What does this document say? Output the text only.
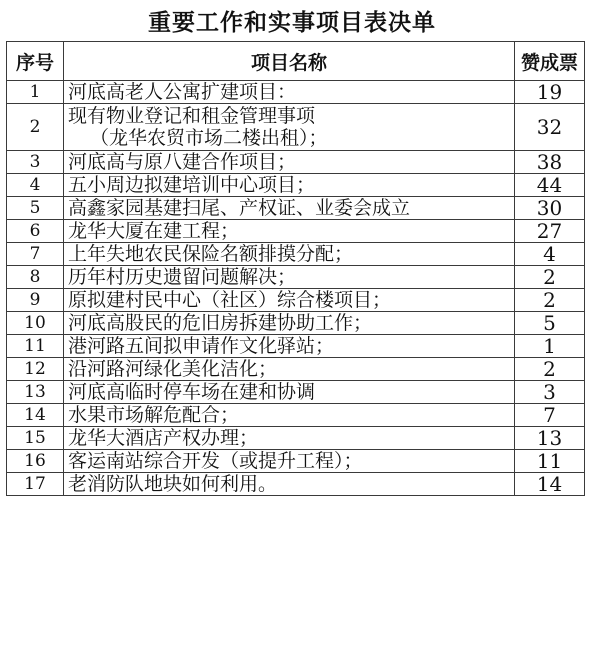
重要工作和实事项目表决单
序号	项目名称	赞成票
1	河底高老人公寓扩建项目：	19
2	现有物业登记和租金管理事项
（龙华农贸市场二楼出租）；	32
3	河底高与原八建合作项目；	38
4	五小周边拟建培训中心项目；	44
5	高鑫家园基建扫尾、产权证、业委会成立	30
6	龙华大厦在建工程；	27
7	上年失地农民保险名额排摸分配；	4
8	历年村历史遗留问题解决；	2
9	原拟建村民中心（社区）综合楼项目；	2
10	河底高股民的危旧房拆建协助工作；	5
11	港河路五间拟申请作文化驿站；	1
12	沿河路河绿化美化洁化；	2
13	河底高临时停车场在建和协调	3
14	水果市场解危配合；	7
15	龙华大酒店产权办理；	13
16	客运南站综合开发（或提升工程）；	11
17	老消防队地块如何利用。	14
